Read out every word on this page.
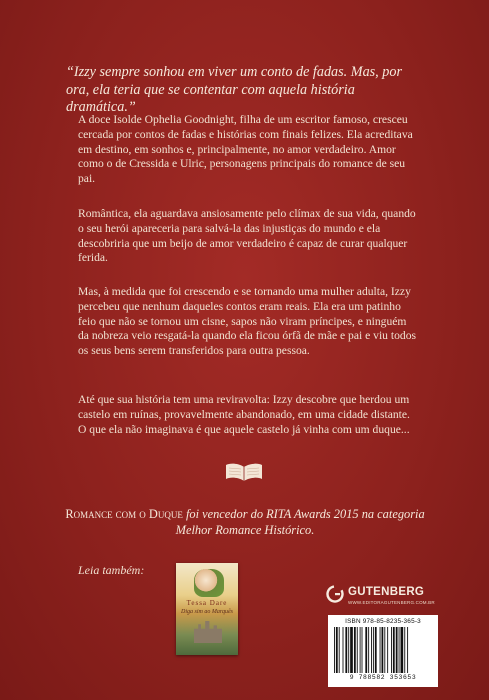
“Izzy sempre sonhou em viver um conto de fadas. Mas, por ora, ela teria que se contentar com aquela história dramática.”
A doce Isolde Ophelia Goodnight, filha de um escritor famoso, cresceu cercada por contos de fadas e histórias com finais felizes. Ela acreditava em destino, em sonhos e, principalmente, no amor verdadeiro. Amor como o de Cressida e Ulric, personagens principais do romance de seu pai.
Romântica, ela aguardava ansiosamente pelo clímax de sua vida, quando o seu herói apareceria para salvá-la das injustiças do mundo e ela descobriria que um beijo de amor verdadeiro é capaz de curar qualquer ferida.
Mas, à medida que foi crescendo e se tornando uma mulher adulta, Izzy percebeu que nenhum daqueles contos eram reais. Ela era um patinho feio que não se tornou um cisne, sapos não viram príncipes, e ninguém da nobreza veio resgatá-la quando ela ficou órfã de mãe e pai e viu todos os seus bens serem transferidos para outra pessoa.
Até que sua história tem uma reviravolta: Izzy descobre que herdou um castelo em ruínas, provavelmente abandonado, em uma cidade distante. O que ela não imaginava é que aquele castelo já vinha com um duque...
Romance com o Duque foi vencedor do RITA Awards 2015 na categoria Melhor Romance Histórico.
Leia também:
Tessa Dare
Diga sim ao Marquês
GUTENBERG
WWW.EDITORAGUTENBERG.COM.BR
ISBN 978-85-8235-365-3
9 788582 353653
